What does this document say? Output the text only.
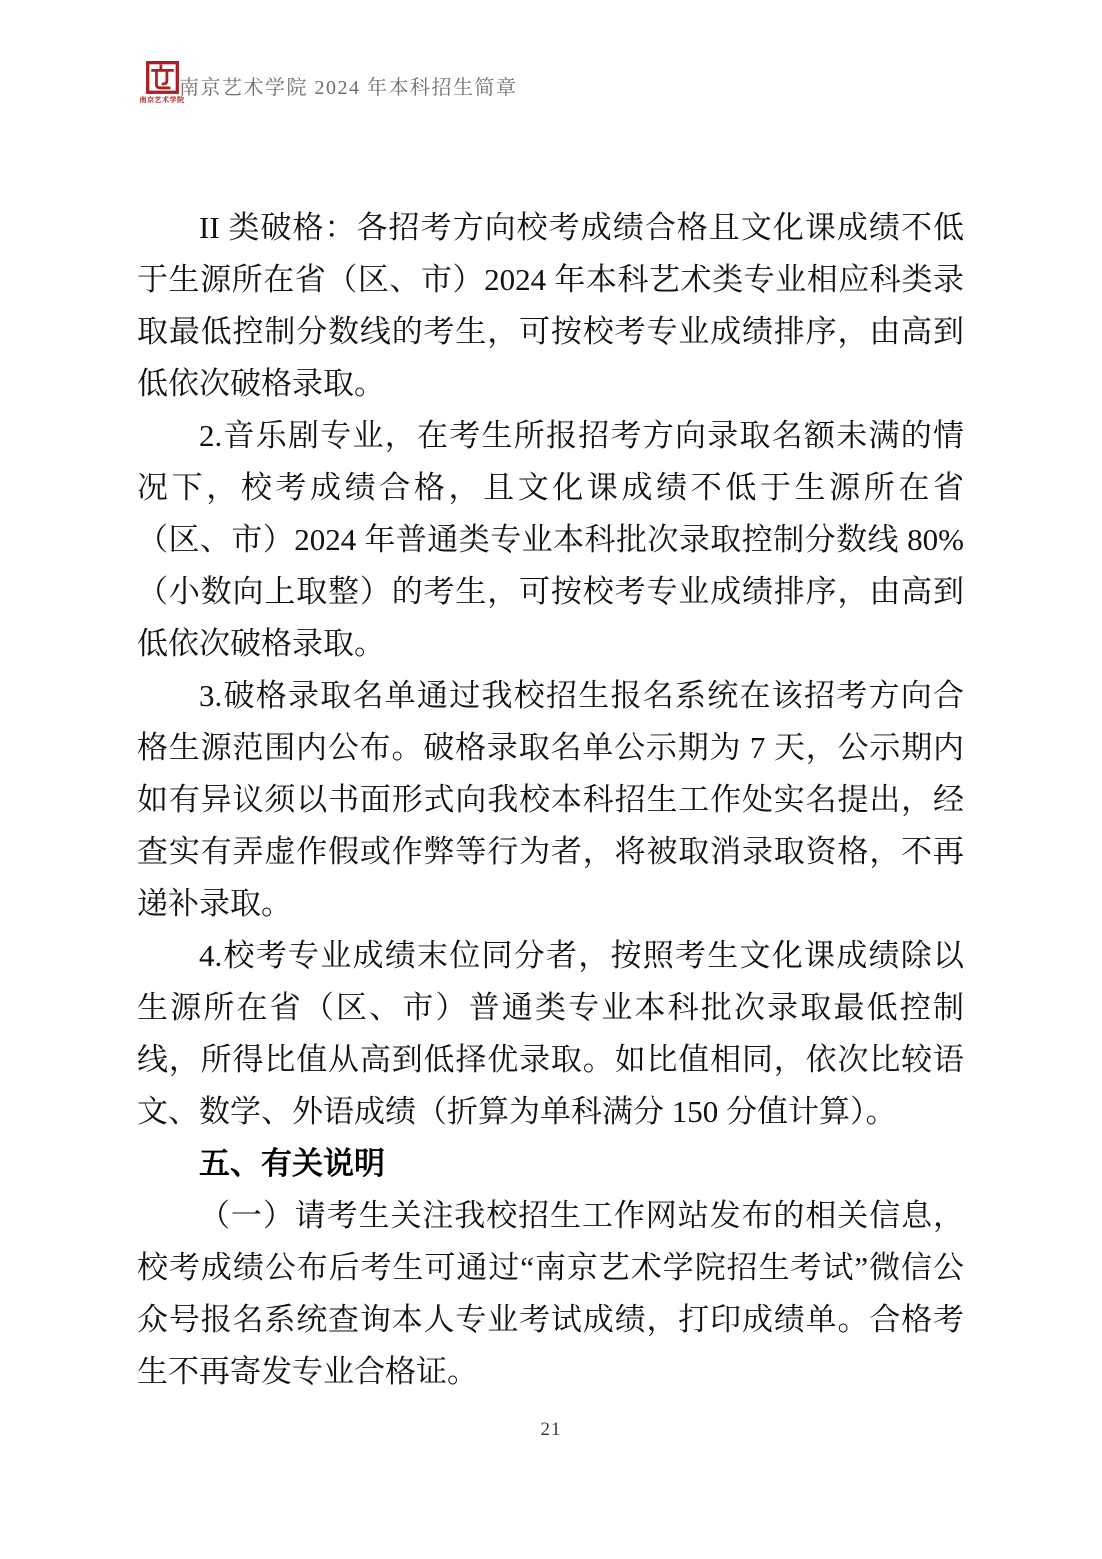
南京艺术学院
南京艺术学院 2024 年本科招生简章

II 类破格：各招考方向校考成绩合格且文化课成绩不低于生源所在省（区、市）2024 年本科艺术类专业相应科类录取最低控制分数线的考生，可按校考专业成绩排序，由高到低依次破格录取。

2.音乐剧专业，在考生所报招考方向录取名额未满的情况下，校考成绩合格，且文化课成绩不低于生源所在省（区、市）2024 年普通类专业本科批次录取控制分数线 80%（小数向上取整）的考生，可按校考专业成绩排序，由高到低依次破格录取。

3.破格录取名单通过我校招生报名系统在该招考方向合格生源范围内公布。破格录取名单公示期为 7 天，公示期内如有异议须以书面形式向我校本科招生工作处实名提出，经查实有弄虚作假或作弊等行为者，将被取消录取资格，不再递补录取。

4.校考专业成绩末位同分者，按照考生文化课成绩除以生源所在省（区、市）普通类专业本科批次录取最低控制线，所得比值从高到低择优录取。如比值相同，依次比较语文、数学、外语成绩（折算为单科满分 150 分值计算）。

五、有关说明

（一）请考生关注我校招生工作网站发布的相关信息，校考成绩公布后考生可通过“南京艺术学院招生考试”微信公众号报名系统查询本人专业考试成绩，打印成绩单。合格考生不再寄发专业合格证。

21
